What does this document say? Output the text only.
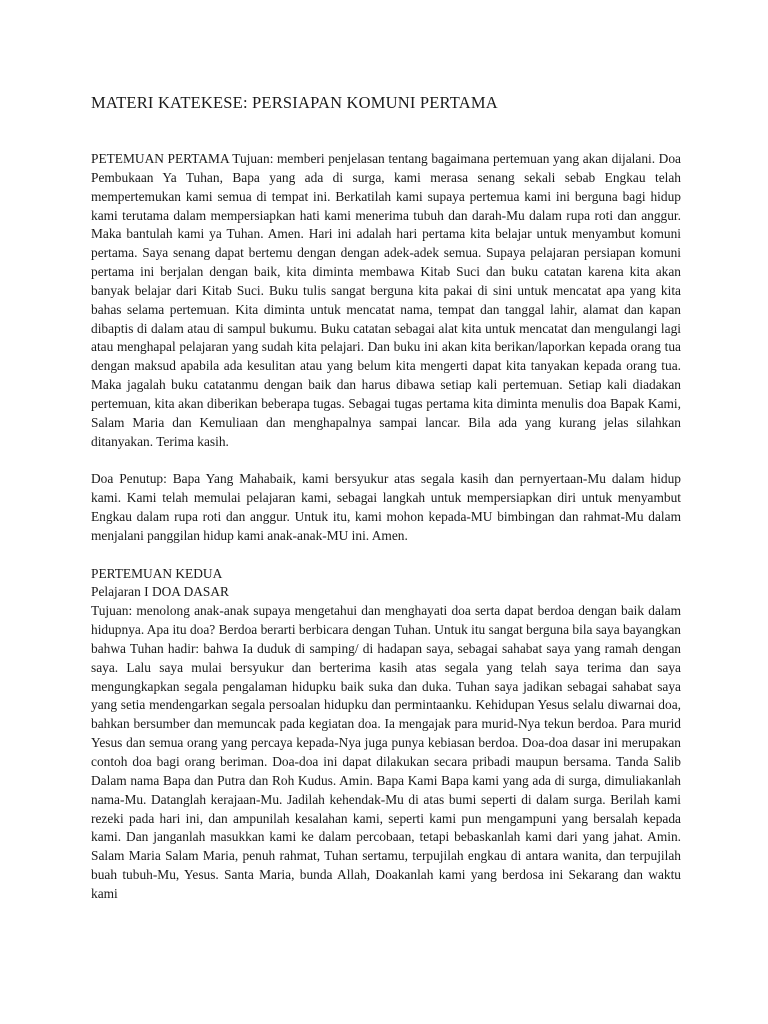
MATERI KATEKESE: PERSIAPAN KOMUNI PERTAMA

PETEMUAN PERTAMA Tujuan: memberi penjelasan tentang bagaimana pertemuan yang akan dijalani. Doa Pembukaan Ya Tuhan, Bapa yang ada di surga, kami merasa senang sekali sebab Engkau telah mempertemukan kami semua di tempat ini. Berkatilah kami supaya pertemua kami ini berguna bagi hidup kami terutama dalam mempersiapkan hati kami menerima tubuh dan darah-Mu dalam rupa roti dan anggur. Maka bantulah kami ya Tuhan. Amen. Hari ini adalah hari pertama kita belajar untuk menyambut komuni pertama. Saya senang dapat bertemu dengan dengan adek-adek semua. Supaya pelajaran persiapan komuni pertama ini berjalan dengan baik, kita diminta membawa Kitab Suci dan buku catatan karena kita akan banyak belajar dari Kitab Suci. Buku tulis sangat berguna kita pakai di sini untuk mencatat apa yang kita bahas selama pertemuan. Kita diminta untuk mencatat nama, tempat dan tanggal lahir, alamat dan kapan dibaptis di dalam atau di sampul bukumu. Buku catatan sebagai alat kita untuk mencatat dan mengulangi lagi atau menghapal pelajaran yang sudah kita pelajari. Dan buku ini akan kita berikan/laporkan kepada orang tua dengan maksud apabila ada kesulitan atau yang belum kita mengerti dapat kita tanyakan kepada orang tua. Maka jagalah buku catatanmu dengan baik dan harus dibawa setiap kali pertemuan. Setiap kali diadakan pertemuan, kita akan diberikan beberapa tugas. Sebagai tugas pertama kita diminta menulis doa Bapak Kami, Salam Maria dan Kemuliaan dan menghapalnya sampai lancar. Bila ada yang kurang jelas silahkan ditanyakan. Terima kasih.

Doa Penutup: Bapa Yang Mahabaik, kami bersyukur atas segala kasih dan pernyertaan-Mu dalam hidup kami. Kami telah memulai pelajaran kami, sebagai langkah untuk mempersiapkan diri untuk menyambut Engkau dalam rupa roti dan anggur. Untuk itu, kami mohon kepada-MU bimbingan dan rahmat-Mu dalam menjalani panggilan hidup kami anak-anak-MU ini. Amen.

PERTEMUAN KEDUA
Pelajaran I DOA DASAR

Tujuan: menolong anak-anak supaya mengetahui dan menghayati doa serta dapat berdoa dengan baik dalam hidupnya. Apa itu doa? Berdoa berarti berbicara dengan Tuhan. Untuk itu sangat berguna bila saya bayangkan bahwa Tuhan hadir: bahwa Ia duduk di samping/ di hadapan saya, sebagai sahabat saya yang ramah dengan saya. Lalu saya mulai bersyukur dan berterima kasih atas segala yang telah saya terima dan saya mengungkapkan segala pengalaman hidupku baik suka dan duka. Tuhan saya jadikan sebagai sahabat saya yang setia mendengarkan segala persoalan hidupku dan permintaanku. Kehidupan Yesus selalu diwarnai doa, bahkan bersumber dan memuncak pada kegiatan doa. Ia mengajak para murid-Nya tekun berdoa. Para murid Yesus dan semua orang yang percaya kepada-Nya juga punya kebiasan berdoa. Doa-doa dasar ini merupakan contoh doa bagi orang beriman. Doa-doa ini dapat dilakukan secara pribadi maupun bersama. Tanda Salib Dalam nama Bapa dan Putra dan Roh Kudus. Amin. Bapa Kami Bapa kami yang ada di surga, dimuliakanlah nama-Mu. Datanglah kerajaan-Mu. Jadilah kehendak-Mu di atas bumi seperti di dalam surga. Berilah kami rezeki pada hari ini, dan ampunilah kesalahan kami, seperti kami pun mengampuni yang bersalah kepada kami. Dan janganlah masukkan kami ke dalam percobaan, tetapi bebaskanlah kami dari yang jahat. Amin. Salam Maria Salam Maria, penuh rahmat, Tuhan sertamu, terpujilah engkau di antara wanita, dan terpujilah buah tubuh-Mu, Yesus. Santa Maria, bunda Allah, Doakanlah kami yang berdosa ini Sekarang dan waktu kami
